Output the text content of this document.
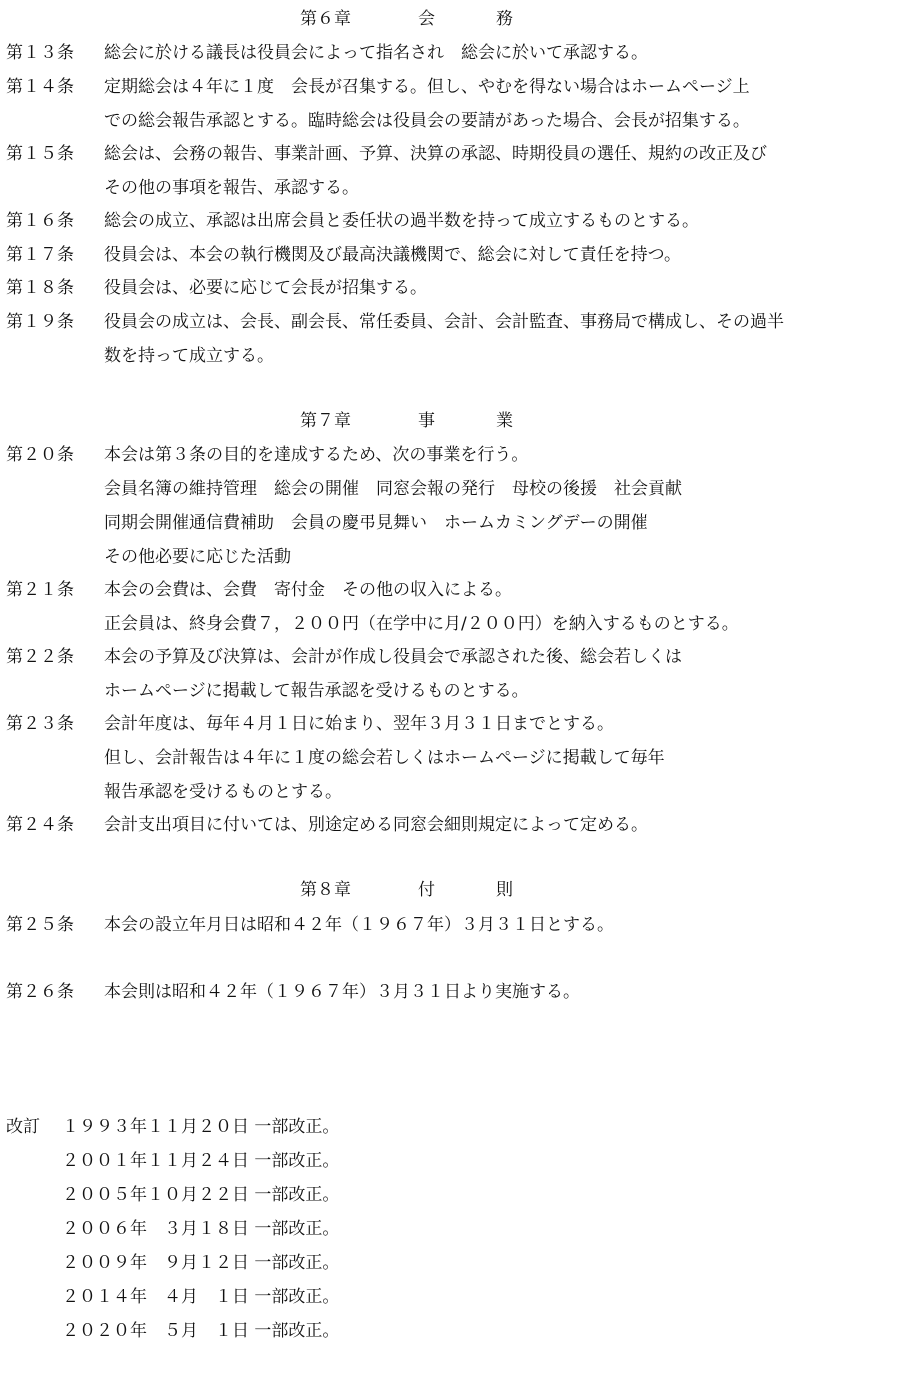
第６章

	会

	務

第１３条 総会に於ける議長は役員会によって指名され　総会に於いて承認する。
第１４条 定期総会は４年に１度　会長が召集する。但し、やむを得ない場合はホームページ上
での総会報告承認とする。臨時総会は役員会の要請があった場合、会長が招集する。
第１５条 総会は、会務の報告、事業計画、予算、決算の承認、時期役員の選任、規約の改正及び
その他の事項を報告、承認する。
第１６条 総会の成立、承認は出席会員と委任状の過半数を持って成立するものとする。
第１７条 役員会は、本会の執行機関及び最高決議機関で、総会に対して責任を持つ。
第１８条 役員会は、必要に応じて会長が招集する。
第１９条 役員会の成立は、会長、副会長、常任委員、会計、会計監査、事務局で構成し、その過半
数を持って成立する。

第７章

	事

	業

第２０条 本会は第３条の目的を達成するため、次の事業を行う。
会員名簿の維持管理　総会の開催　同窓会報の発行　母校の後援　社会貢献
同期会開催通信費補助　会員の慶弔見舞い　ホームカミングデーの開催
その他必要に応じた活動
第２１条 本会の会費は、会費　寄付金　その他の収入による。
正会員は、終身会費７，２００円（在学中に月/２００円）を納入するものとする。
第２２条 本会の予算及び決算は、会計が作成し役員会で承認された後、総会若しくは
ホームページに掲載して報告承認を受けるものとする。
第２３条 会計年度は、毎年４月１日に始まり、翌年３月３１日までとする。
但し、会計報告は４年に１度の総会若しくはホームページに掲載して毎年
報告承認を受けるものとする。
第２４条 会計支出項目に付いては、別途定める同窓会細則規定によって定める。

第８章

	付

	則

第２５条 本会の設立年月日は昭和４２年（１９６７年）３月３１日とする。
第２６条 本会則は昭和４２年（１９６７年）３月３１日より実施する。
改訂 １９９３年１１月２０日 一部改正。
２００１年１１月２４日 一部改正。
２００５年１０月２２日 一部改正。
２００６年　３月１８日 一部改正。
２００９年　９月１２日 一部改正。
２０１４年　４月　１日 一部改正。
２０２０年　５月　１日 一部改正。
